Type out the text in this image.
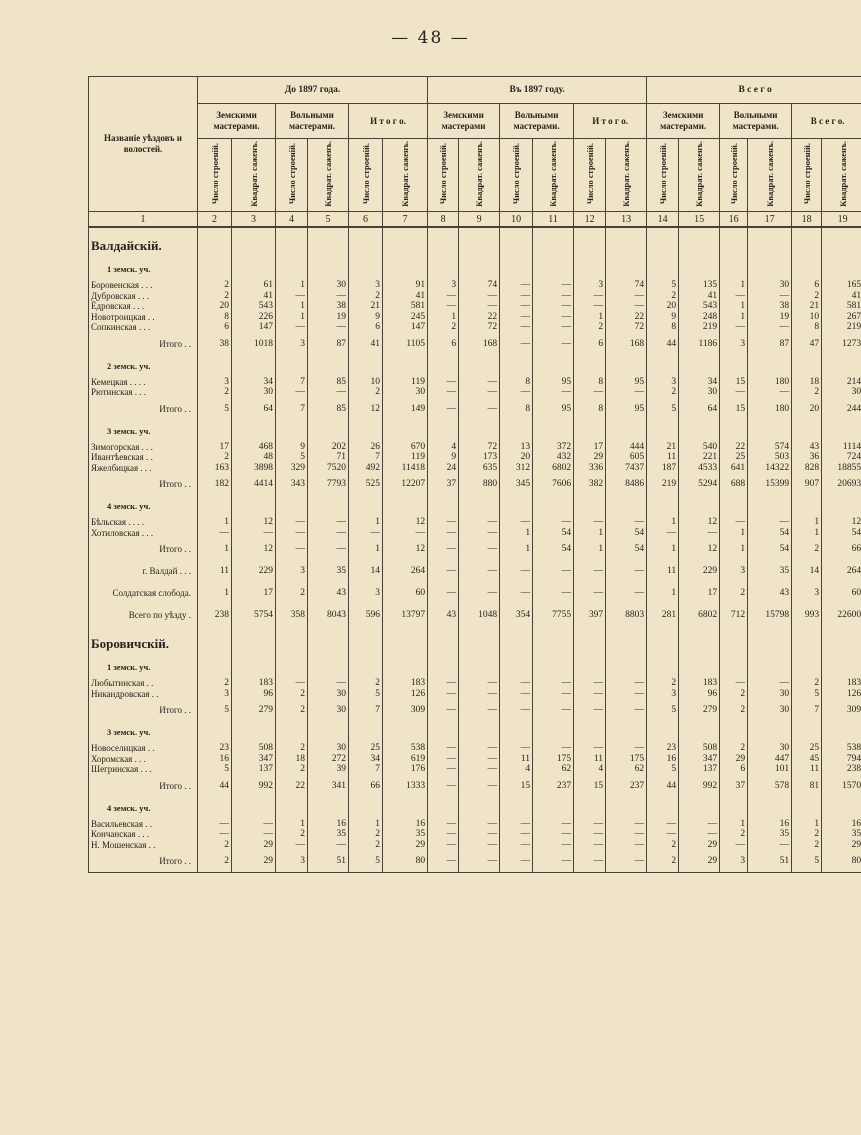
— 48 —
Названіе уѣздовъ и волостей.	До 1897 года.						Въ 1897 году.						В с е г о					
	Земскими мастерами.		Вольными мастерами.		И т о г о.		Земскими мастерами		Вольными мастерами.		И т о г о.		Земскими мастерами.		Вольными мастерами.		В с е г о.	
	Число строеній.	Квадрат. саженъ.	Число строеній.	Квадрат. саженъ.	Число строеній.	Квадрат. саженъ.	Число строеній.	Квадрат. саженъ.	Число строеній.	Квадрат. саженъ.	Число строеній.	Квадрат. саженъ.	Число строеній.	Квадрат. саженъ.	Число строеній.	Квадрат. саженъ.	Число строеній.	Квадрат. саженъ.
1	2	3	4	5	6	7	8	9	10	11	12	13	14	15	16	17	18	19
Валдайскій.																		
1 земск. уч.																		
Боровенская . . .	2	61	1	30	3	91	3	74	—	—	3	74	5	135	1	30	6	165
Дубровская . . .	2	41	—	—	2	41	—	—	—	—	—	—	2	41	—	—	2	41
Ёдровская . . .	20	543	1	38	21	581	—	—	—	—	—	—	20	543	1	38	21	581
Новотроицкая . .	8	226	1	19	9	245	1	22	—	—	1	22	9	248	1	19	10	267
Сопкинская . . .	6	147	—	—	6	147	2	72	—	—	2	72	8	219	—	—	8	219
Итого . .	38	1018	3	87	41	1105	6	168	—	—	6	168	44	1186	3	87	47	1273
2 земск. уч.																		
Кемецкая . . . .	3	34	7	85	10	119	—	—	8	95	8	95	3	34	15	180	18	214
Рютинская . . .	2	30	—	—	2	30	—	—	—	—	—	—	2	30	—	—	2	30
Итого . .	5	64	7	85	12	149	—	—	8	95	8	95	5	64	15	180	20	244
3 земск. уч.																		
Зимогорская . . .	17	468	9	202	26	670	4	72	13	372	17	444	21	540	22	574	43	1114
Ивантѣевская . .	2	48	5	71	7	119	9	173	20	432	29	605	11	221	25	503	36	724
Яжелбицкая . . .	163	3898	329	7520	492	11418	24	635	312	6802	336	7437	187	4533	641	14322	828	18855
Итого . .	182	4414	343	7793	525	12207	37	880	345	7606	382	8486	219	5294	688	15399	907	20693
4 земск. уч.																		
Бѣльская . . . .	1	12	—	—	1	12	—	—	—	—	—	—	1	12	—	—	1	12
Хотиловская . . .	—	—	—	—	—	—	—	—	1	54	1	54	—	—	1	54	1	54
Итого . .	1	12	—	—	1	12	—	—	1	54	1	54	1	12	1	54	2	66
г. Валдай . . .	11	229	3	35	14	264	—	—	—	—	—	—	11	229	3	35	14	264
Солдатская слобода.	1	17	2	43	3	60	—	—	—	—	—	—	1	17	2	43	3	60
Всего по уѣзду .	238	5754	358	8043	596	13797	43	1048	354	7755	397	8803	281	6802	712	15798	993	22600
Боровичскій.																		
1 земск. уч.																		
Любытинская . .	2	183	—	—	2	183	—	—	—	—	—	—	2	183	—	—	2	183
Никандровская . .	3	96	2	30	5	126	—	—	—	—	—	—	3	96	2	30	5	126
Итого . .	5	279	2	30	7	309	—	—	—	—	—	—	5	279	2	30	7	309
3 земск. уч.																		
Новоселицкая . .	23	508	2	30	25	538	—	—	—	—	—	—	23	508	2	30	25	538
Хоромская . . .	16	347	18	272	34	619	—	—	11	175	11	175	16	347	29	447	45	794
Шегринская . . .	5	137	2	39	7	176	—	—	4	62	4	62	5	137	6	101	11	238
Итого . .	44	992	22	341	66	1333	—	—	15	237	15	237	44	992	37	578	81	1570
4 земск. уч.																		
Васильевская . .	—	—	1	16	1	16	—	—	—	—	—	—	—	—	1	16	1	16
Кончанская . . .	—	—	2	35	2	35	—	—	—	—	—	—	—	—	2	35	2	35
Н. Мошенская . .	2	29	—	—	2	29	—	—	—	—	—	—	2	29	—	—	2	29
Итого . .	2	29	3	51	5	80	—	—	—	—	—	—	2	29	3	51	5	80
